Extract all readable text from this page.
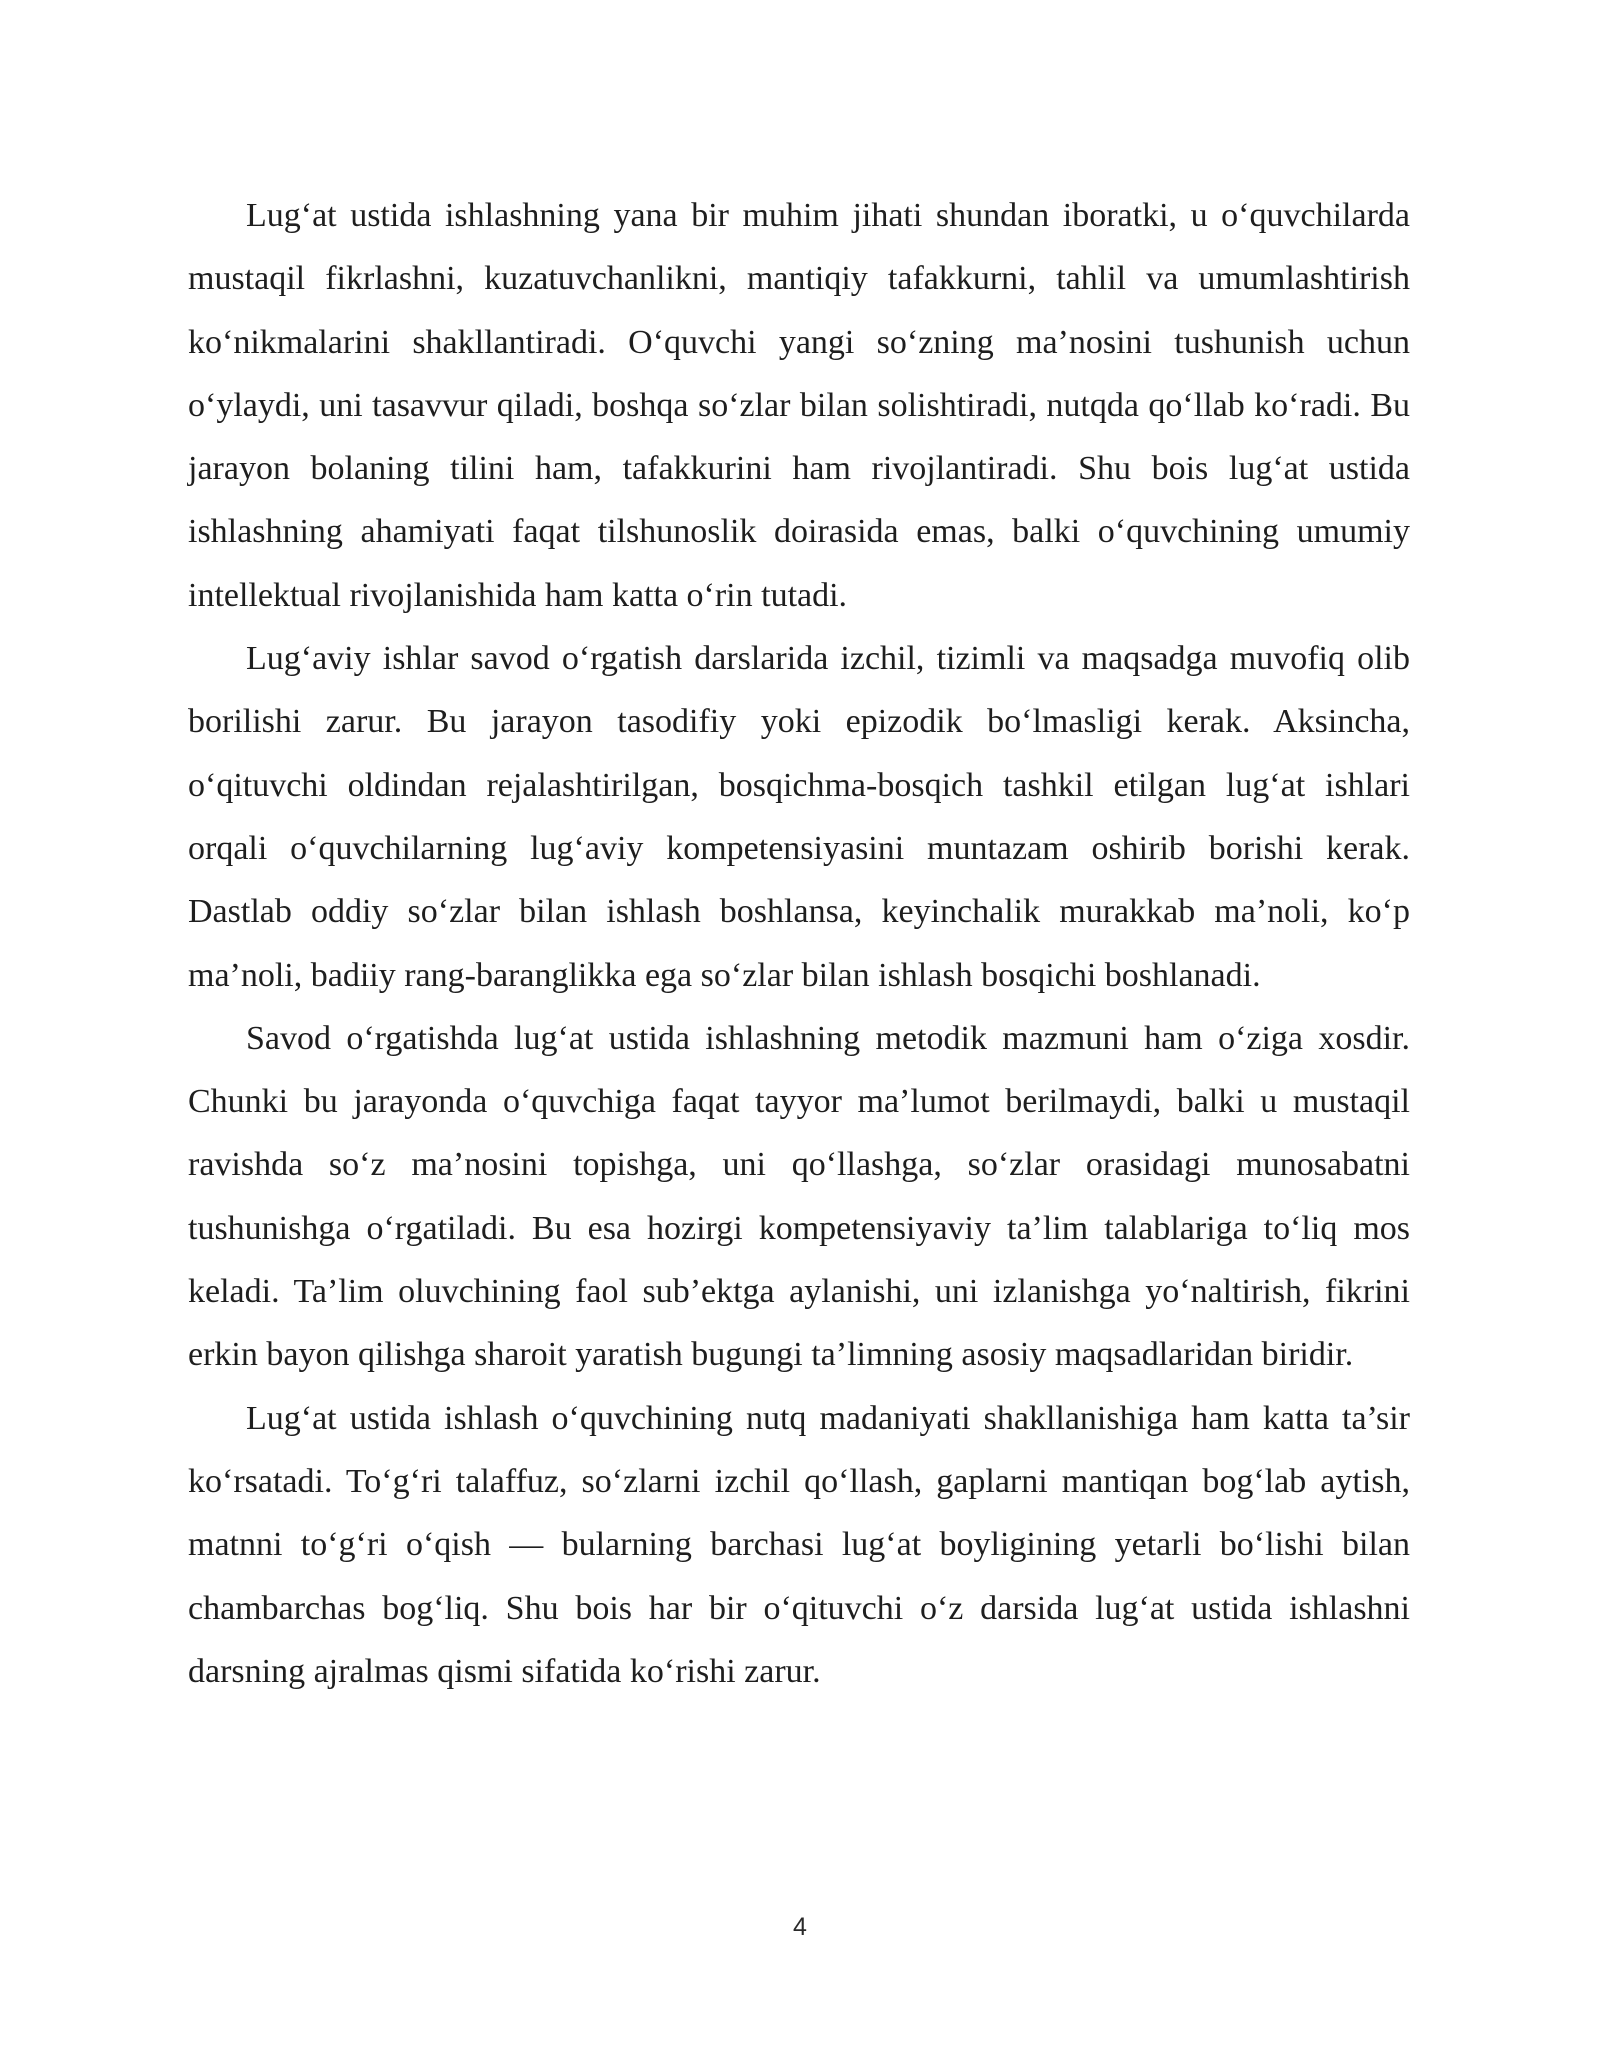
Lug‘at ustida ishlashning yana bir muhim jihati shundan iboratki, u o‘quvchilarda mustaqil fikrlashni, kuzatuvchanlikni, mantiqiy tafakkurni, tahlil va umumlashtirish ko‘nikmalarini shakllantiradi. O‘quvchi yangi so‘zning ma’nosini tushunish uchun o‘ylaydi, uni tasavvur qiladi, boshqa so‘zlar bilan solishtiradi, nutqda qo‘llab ko‘radi. Bu jarayon bolaning tilini ham, tafakkurini ham rivojlantiradi. Shu bois lug‘at ustida ishlashning ahamiyati faqat tilshunoslik doirasida emas, balki o‘quvchining umumiy intellektual rivojlanishida ham katta o‘rin tutadi.

Lug‘aviy ishlar savod o‘rgatish darslarida izchil, tizimli va maqsadga muvofiq olib borilishi zarur. Bu jarayon tasodifiy yoki epizodik bo‘lmasligi kerak. Aksincha, o‘qituvchi oldindan rejalashtirilgan, bosqichma-bosqich tashkil etilgan lug‘at ishlari orqali o‘quvchilarning lug‘aviy kompetensiyasini muntazam oshirib borishi kerak. Dastlab oddiy so‘zlar bilan ishlash boshlansa, keyinchalik murakkab ma’noli, ko‘p ma’noli, badiiy rang-baranglikka ega so‘zlar bilan ishlash bosqichi boshlanadi.

Savod o‘rgatishda lug‘at ustida ishlashning metodik mazmuni ham o‘ziga xosdir. Chunki bu jarayonda o‘quvchiga faqat tayyor ma’lumot berilmaydi, balki u mustaqil ravishda so‘z ma’nosini topishga, uni qo‘llashga, so‘zlar orasidagi munosabatni tushunishga o‘rgatiladi. Bu esa hozirgi kompetensiyaviy ta’lim talablariga to‘liq mos keladi. Ta’lim oluvchining faol sub’ektga aylanishi, uni izlanishga yo‘naltirish, fikrini erkin bayon qilishga sharoit yaratish bugungi ta’limning asosiy maqsadlaridan biridir.

Lug‘at ustida ishlash o‘quvchining nutq madaniyati shakllanishiga ham katta ta’sir ko‘rsatadi. To‘g‘ri talaffuz, so‘zlarni izchil qo‘llash, gaplarni mantiqan bog‘lab aytish, matnni to‘g‘ri o‘qish — bularning barchasi lug‘at boyligining yetarli bo‘lishi bilan chambarchas bog‘liq. Shu bois har bir o‘qituvchi o‘z darsida lug‘at ustida ishlashni darsning ajralmas qismi sifatida ko‘rishi zarur.

4
